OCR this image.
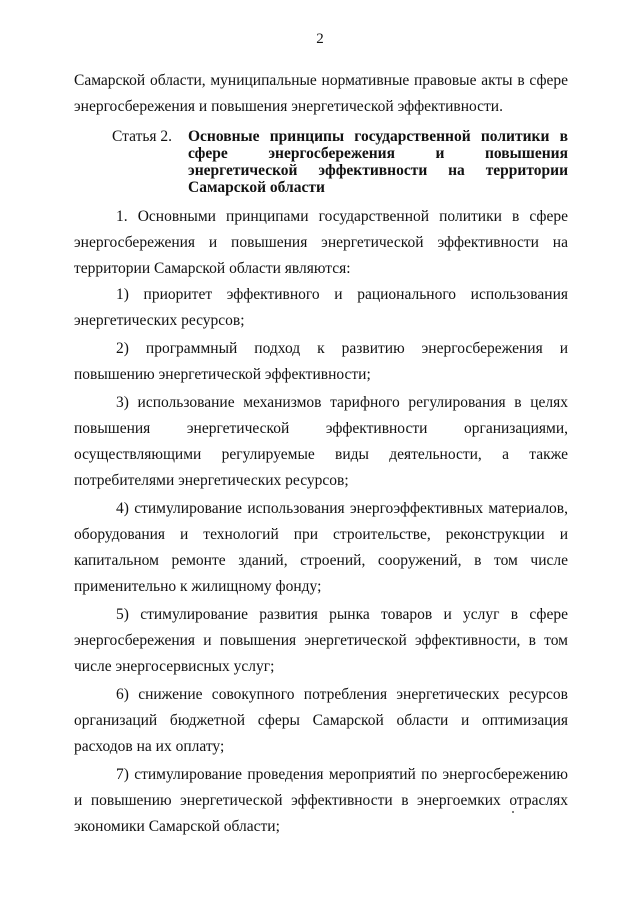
2

Самарской области, муниципальные нормативные правовые акты в сфере энергосбережения и повышения энергетической эффективности.

Статья 2.	Основные принципы государственной политики в сфере энергосбережения и повышения энергетической эффективности на территории Самарской области

1. Основными принципами государственной политики в сфере энергосбережения и повышения энергетической эффективности на территории Самарской области являются:

1) приоритет эффективного и рационального использования энергетических ресурсов;
2) программный подход к развитию энергосбережения и повышению энергетической эффективности;
3) использование механизмов тарифного регулирования в целях повышения энергетической эффективности организациями, осуществляющими регулируемые виды деятельности, а также потребителями энергетических ресурсов;
4) стимулирование использования энергоэффективных материалов, оборудования и технологий при строительстве, реконструкции и капитальном ремонте зданий, строений, сооружений, в том числе применительно к жилищному фонду;
5) стимулирование развития рынка товаров и услуг в сфере энергосбережения и повышения энергетической эффективности, в том числе энергосервисных услуг;
6) снижение совокупного потребления энергетических ресурсов организаций бюджетной сферы Самарской области и оптимизация расходов на их оплату;
7) стимулирование проведения мероприятий по энергосбережению и повышению энергетической эффективности в энергоемких отраслях экономики Самарской области;
